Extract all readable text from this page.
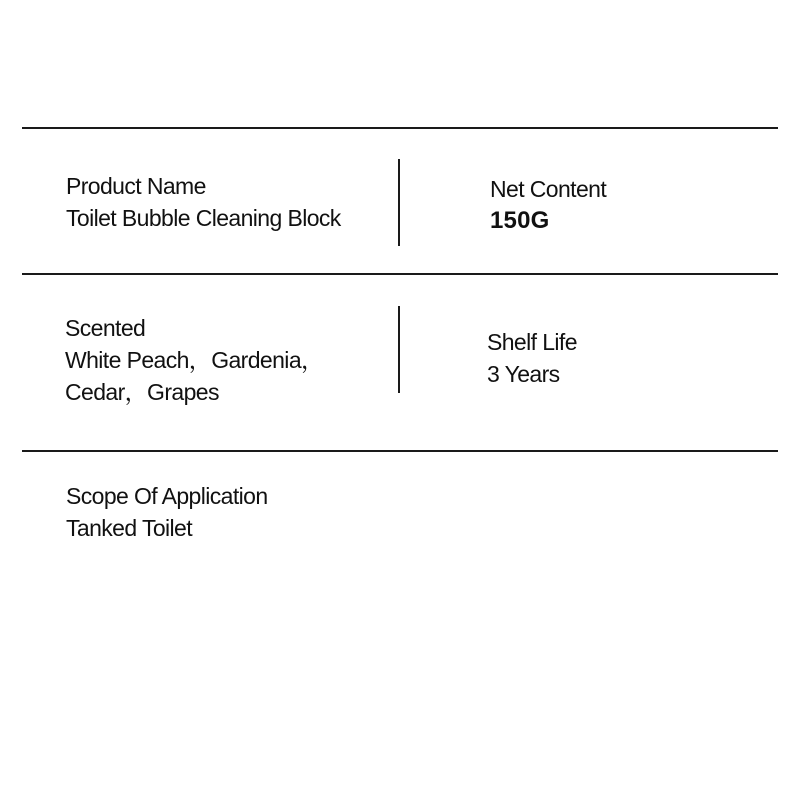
Product Name
Toilet Bubble Cleaning Block
Net Content
150G
Scented
White Peach，Gardenia，
Cedar，Grapes
Shelf Life
3 Years
Scope Of Application
Tanked Toilet
